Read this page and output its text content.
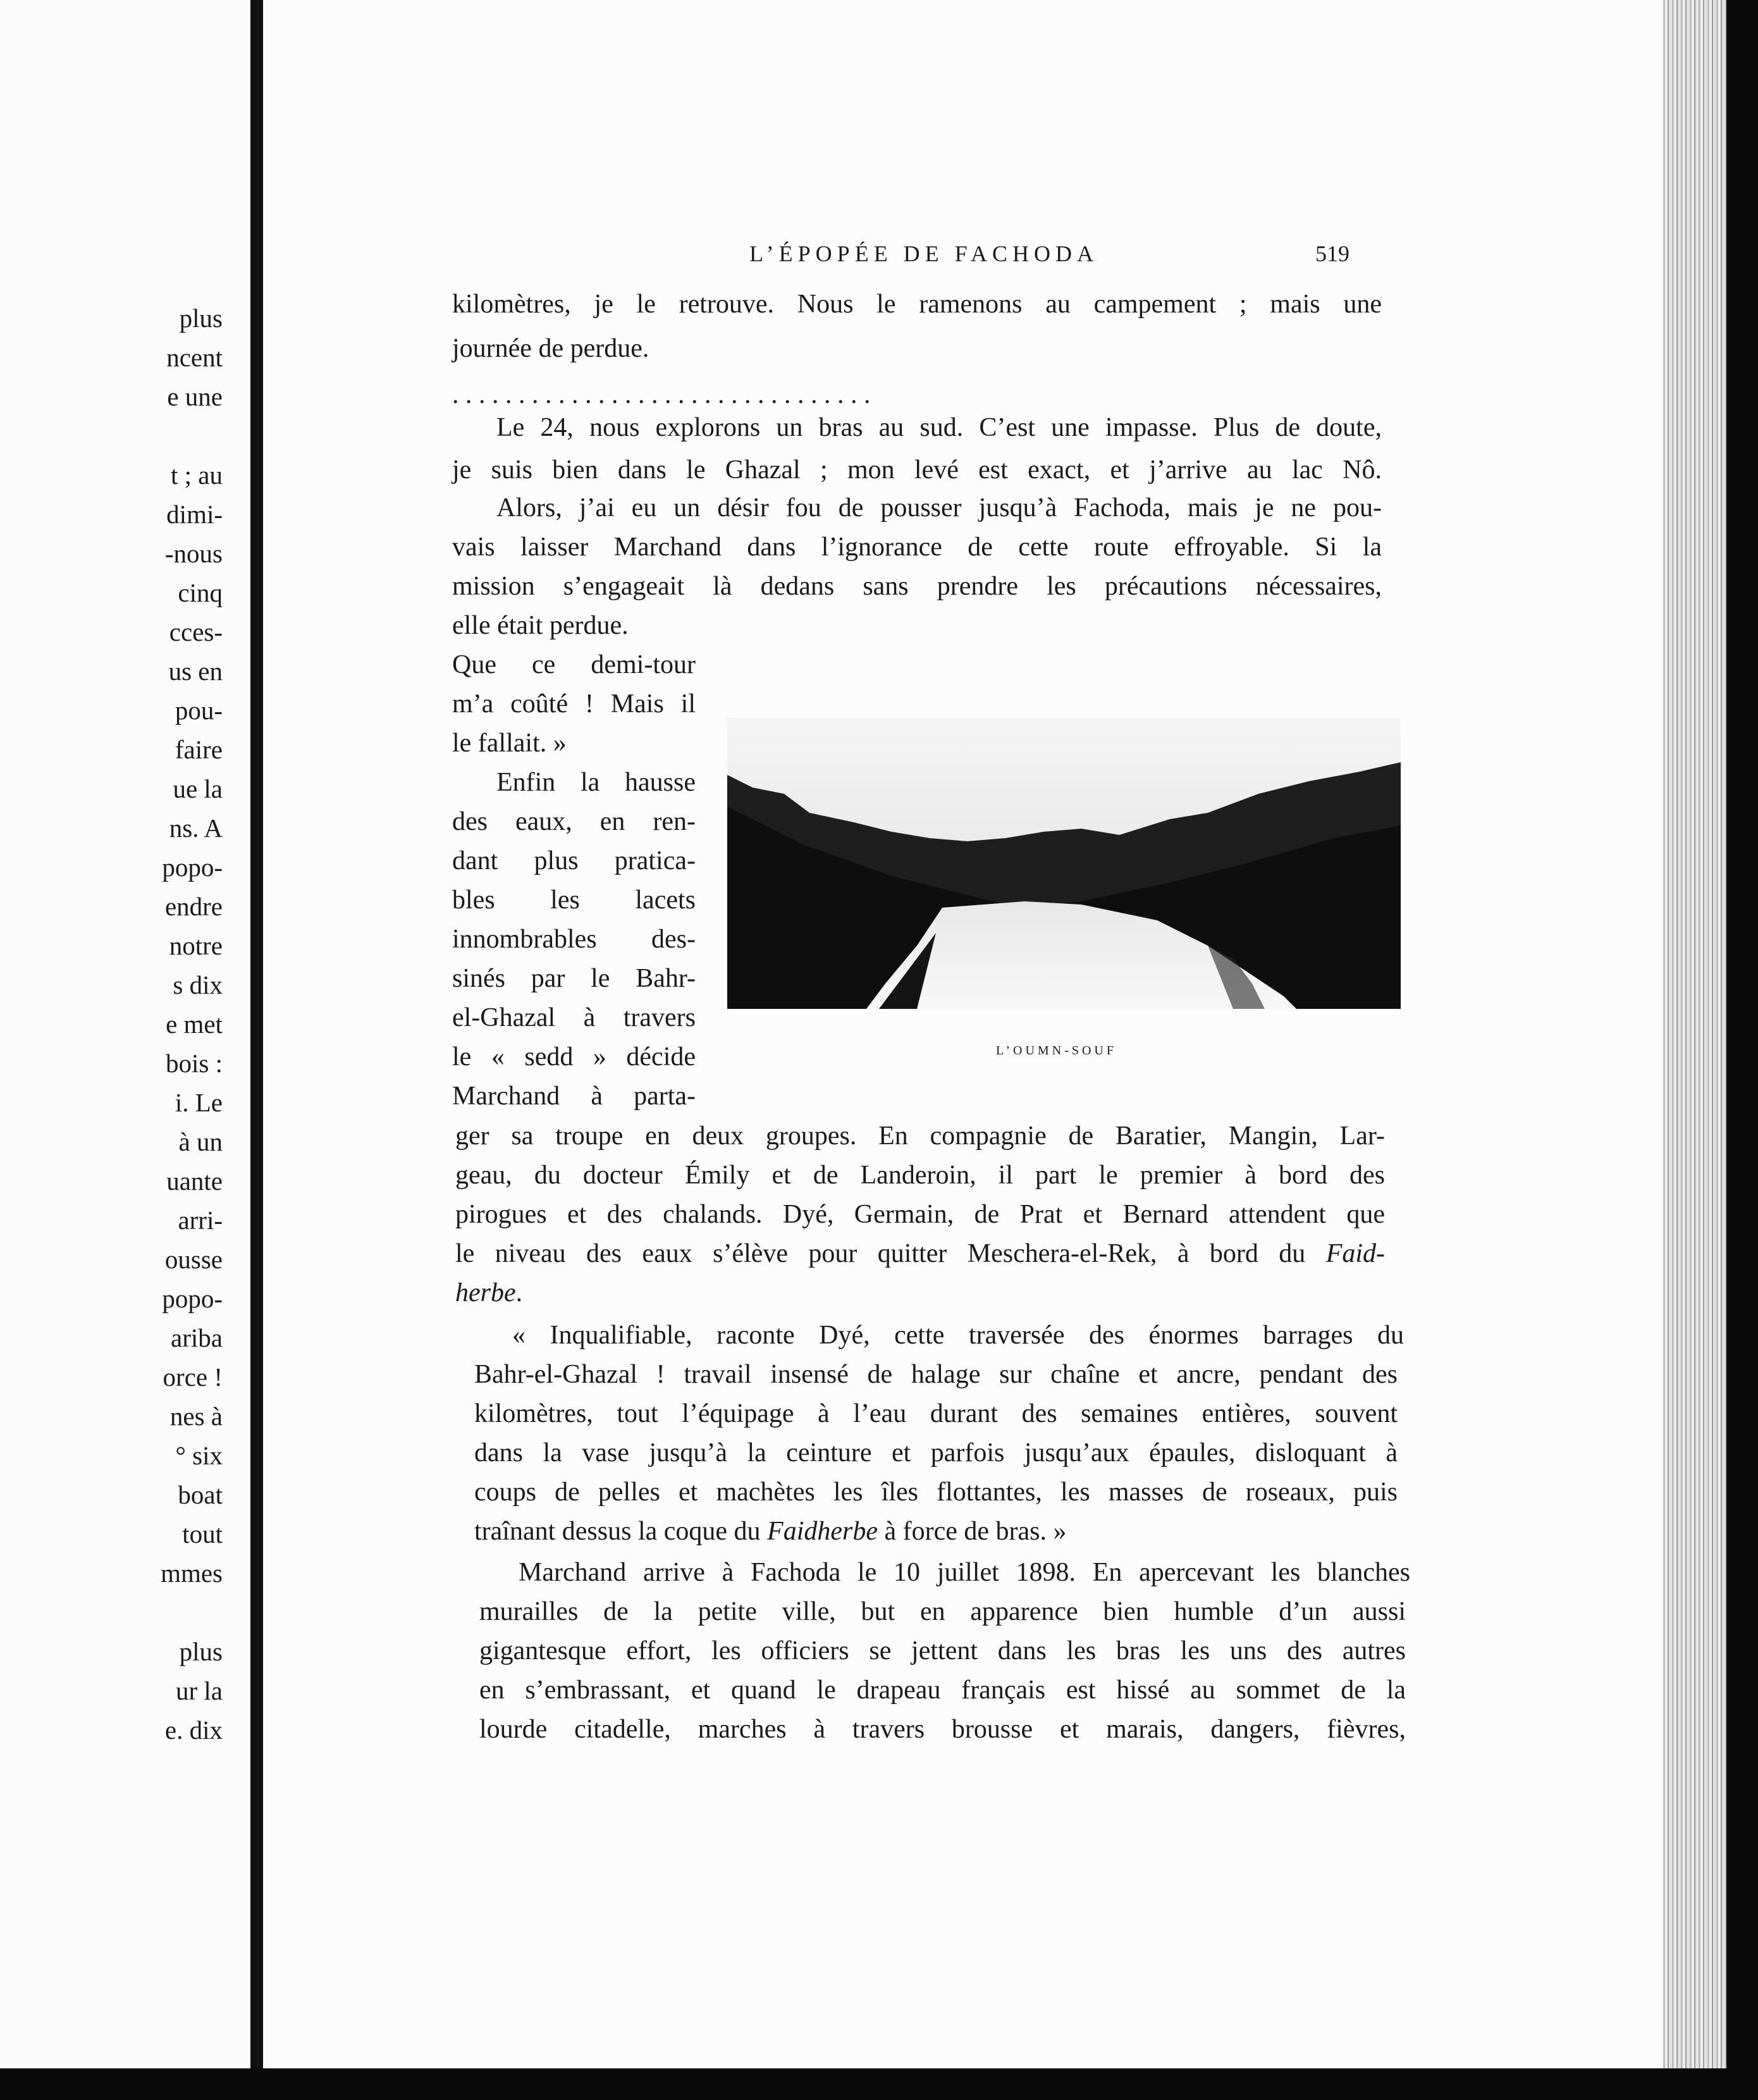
plus
ncent
e une
t ; au
dimi-
-nous
cinq
cces-
us en
pou-
faire
ue la
ns. A
popo-
endre
notre
s dix
e met
bois :
i. Le
à un
uante
arri-
ousse
popo-
ariba
orce !
nes à
° six
boat
tout
mmes
plus
ur la
e. dix
L’ÉPOPÉE DE FACHODA	519
kilomètres, je le retrouve. Nous le ramenons au campement ; mais une
journée de perdue.
Le 24, nous explorons un bras au sud. C’est une impasse. Plus de doute,
je suis bien dans le Ghazal ; mon levé est exact, et j’arrive au lac Nô.
Alors, j’ai eu un désir fou de pousser jusqu’à Fachoda, mais je ne pou-
vais laisser Marchand dans l’ignorance de cette route effroyable. Si la
mission s’engageait là dedans sans prendre les précautions nécessaires,
elle était perdue.
Que ce demi-tour
m’a coûté ! Mais il
le fallait. »
Enfin la hausse
des eaux, en ren-
dant plus pratica-
bles les lacets
innombrables des-
sinés par le Bahr-
el-Ghazal à travers
le « sedd » décide
Marchand à parta-
ger sa troupe en deux groupes. En compagnie de Baratier, Mangin, Lar-
geau, du docteur Émily et de Landeroin, il part le premier à bord des
pirogues et des chalands. Dyé, Germain, de Prat et Bernard attendent que
le niveau des eaux s’élève pour quitter Meschera-el-Rek, à bord du Faid-
herbe.
« Inqualifiable, raconte Dyé, cette traversée des énormes barrages du
Bahr-el-Ghazal ! travail insensé de halage sur chaîne et ancre, pendant des
kilomètres, tout l’équipage à l’eau durant des semaines entières, souvent
dans la vase jusqu’à la ceinture et parfois jusqu’aux épaules, disloquant à
coups de pelles et machètes les îles flottantes, les masses de roseaux, puis
traînant dessus la coque du Faidherbe à force de bras. »
Marchand arrive à Fachoda le 10 juillet 1898. En apercevant les blanches
murailles de la petite ville, but en apparence bien humble d’un aussi
gigantesque effort, les officiers se jettent dans les bras les uns des autres
en s’embrassant, et quand le drapeau français est hissé au sommet de la
lourde citadelle, marches à travers brousse et marais, dangers, fièvres,
. . . . . . . . . . . . . . . . . . . . . . . . . . . . . . . .
L’OUMN-SOUF
